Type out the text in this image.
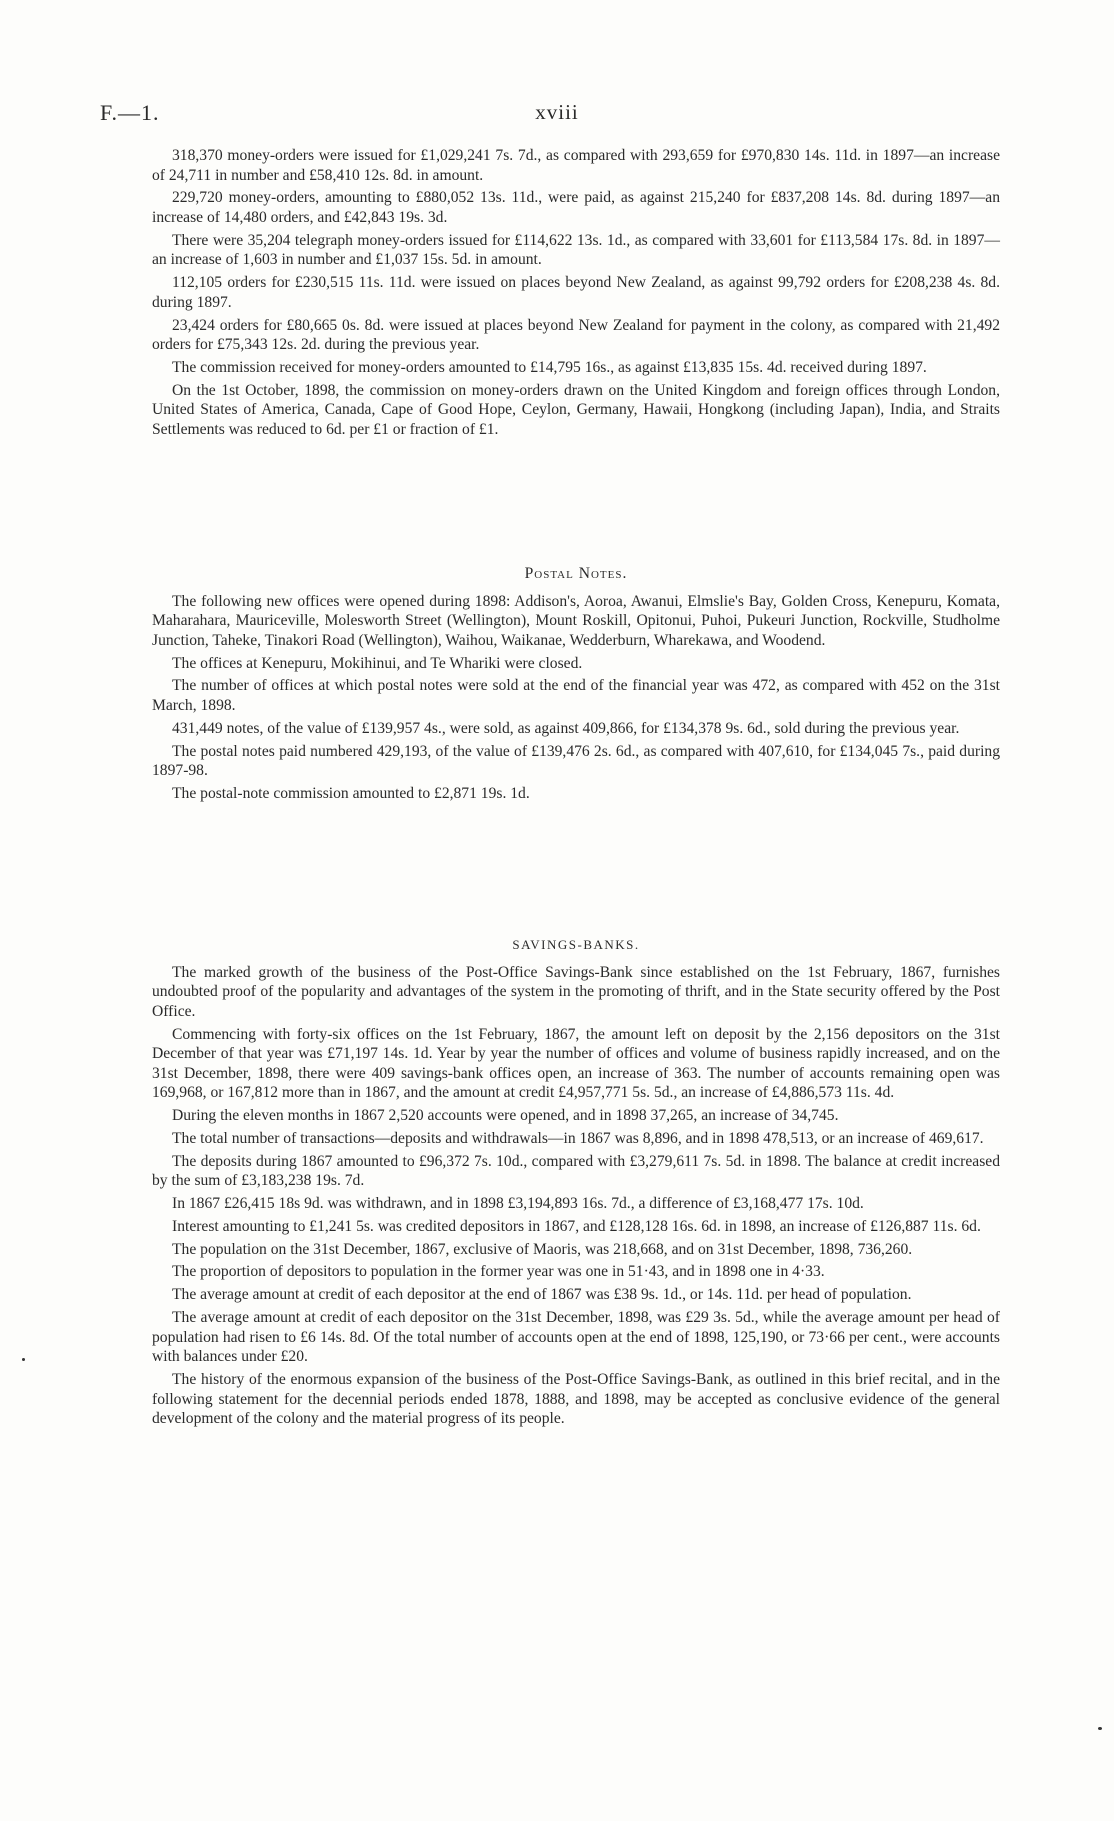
F.—1.	xviii

318,370 money-orders were issued for £1,029,241 7s. 7d., as compared with 293,659 for £970,830 14s. 11d. in 1897—an increase of 24,711 in number and £58,410 12s. 8d. in amount.

229,720 money-orders, amounting to £880,052 13s. 11d., were paid, as against 215,240 for £837,208 14s. 8d. during 1897—an increase of 14,480 orders, and £42,843 19s. 3d.

There were 35,204 telegraph money-orders issued for £114,622 13s. 1d., as compared with 33,601 for £113,584 17s. 8d. in 1897—an increase of 1,603 in number and £1,037 15s. 5d. in amount.

112,105 orders for £230,515 11s. 11d. were issued on places beyond New Zealand, as against 99,792 orders for £208,238 4s. 8d. during 1897.

23,424 orders for £80,665 0s. 8d. were issued at places beyond New Zealand for payment in the colony, as compared with 21,492 orders for £75,343 12s. 2d. during the previous year.

The commission received for money-orders amounted to £14,795 16s., as against £13,835 15s. 4d. received during 1897.

On the 1st October, 1898, the commission on money-orders drawn on the United Kingdom and foreign offices through London, United States of America, Canada, Cape of Good Hope, Ceylon, Germany, Hawaii, Hongkong (including Japan), India, and Straits Settlements was reduced to 6d. per £1 or fraction of £1.

Postal Notes.

The following new offices were opened during 1898: Addison's, Aoroa, Awanui, Elmslie's Bay, Golden Cross, Kenepuru, Komata, Maharahara, Mauriceville, Molesworth Street (Wellington), Mount Roskill, Opitonui, Puhoi, Pukeuri Junction, Rockville, Studholme Junction, Taheke, Tinakori Road (Wellington), Waihou, Waikanae, Wedderburn, Wharekawa, and Woodend.

The offices at Kenepuru, Mokihinui, and Te Whariki were closed.

The number of offices at which postal notes were sold at the end of the financial year was 472, as compared with 452 on the 31st March, 1898.

431,449 notes, of the value of £139,957 4s., were sold, as against 409,866, for £134,378 9s. 6d., sold during the previous year.

The postal notes paid numbered 429,193, of the value of £139,476 2s. 6d., as compared with 407,610, for £134,045 7s., paid during 1897-98.

The postal-note commission amounted to £2,871 19s. 1d.

SAVINGS-BANKS.

The marked growth of the business of the Post-Office Savings-Bank since established on the 1st February, 1867, furnishes undoubted proof of the popularity and advantages of the system in the promoting of thrift, and in the State security offered by the Post Office.

Commencing with forty-six offices on the 1st February, 1867, the amount left on deposit by the 2,156 depositors on the 31st December of that year was £71,197 14s. 1d. Year by year the number of offices and volume of business rapidly increased, and on the 31st December, 1898, there were 409 savings-bank offices open, an increase of 363. The number of accounts remaining open was 169,968, or 167,812 more than in 1867, and the amount at credit £4,957,771 5s. 5d., an increase of £4,886,573 11s. 4d.

During the eleven months in 1867 2,520 accounts were opened, and in 1898 37,265, an increase of 34,745.

The total number of transactions—deposits and withdrawals—in 1867 was 8,896, and in 1898 478,513, or an increase of 469,617.

The deposits during 1867 amounted to £96,372 7s. 10d., compared with £3,279,611 7s. 5d. in 1898. The balance at credit increased by the sum of £3,183,238 19s. 7d.

In 1867 £26,415 18s 9d. was withdrawn, and in 1898 £3,194,893 16s. 7d., a difference of £3,168,477 17s. 10d.

Interest amounting to £1,241 5s. was credited depositors in 1867, and £128,128 16s. 6d. in 1898, an increase of £126,887 11s. 6d.

The population on the 31st December, 1867, exclusive of Maoris, was 218,668, and on 31st December, 1898, 736,260.

The proportion of depositors to population in the former year was one in 51·43, and in 1898 one in 4·33.

The average amount at credit of each depositor at the end of 1867 was £38 9s. 1d., or 14s. 11d. per head of population.

The average amount at credit of each depositor on the 31st December, 1898, was £29 3s. 5d., while the average amount per head of population had risen to £6 14s. 8d. Of the total number of accounts open at the end of 1898, 125,190, or 73·66 per cent., were accounts with balances under £20.

The history of the enormous expansion of the business of the Post-Office Savings-Bank, as outlined in this brief recital, and in the following statement for the decennial periods ended 1878, 1888, and 1898, may be accepted as conclusive evidence of the general development of the colony and the material progress of its people.
